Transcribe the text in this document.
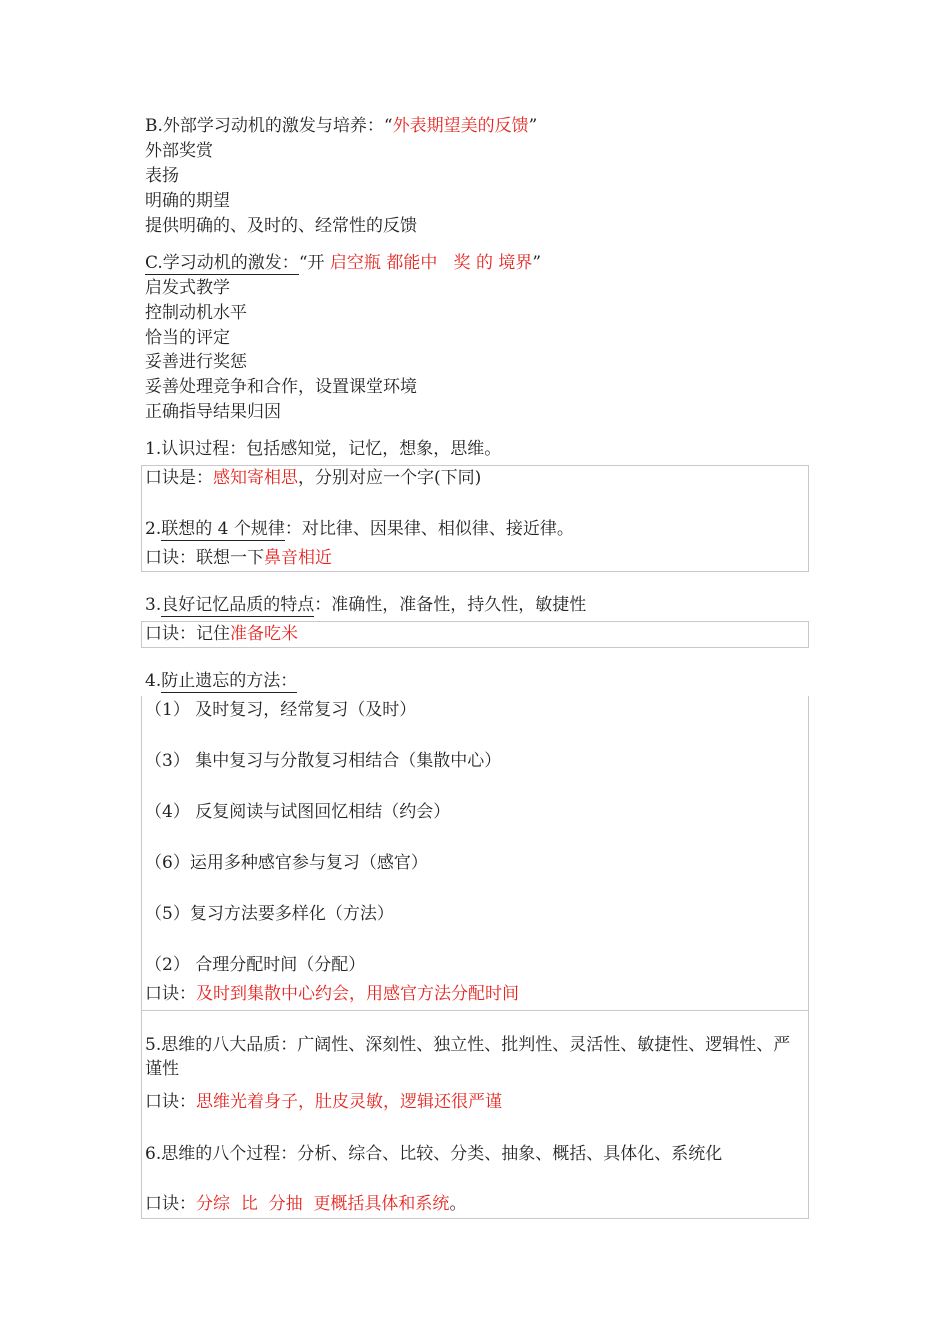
B.外部学习动机的激发与培养：“外表期望美的反馈”
外部奖赏
表扬
明确的期望
提供明确的、及时的、经常性的反馈
C.学习动机的激发：“开 启空瓶 都能中 奖 的 境界”
启发式教学
控制动机水平
恰当的评定
妥善进行奖惩
妥善处理竞争和合作，设置课堂环境
正确指导结果归因
1.认识过程：包括感知觉，记忆，想象，思维。
口诀是：感知寄相思，分别对应一个字(下同)
2.联想的 4 个规律：对比律、因果律、相似律、接近律。
口诀：联想一下鼻音相近
3.良好记忆品质的特点：准确性，准备性，持久性，敏捷性
口诀：记住准备吃米
4.防止遗忘的方法：
（1） 及时复习，经常复习（及时）
（3） 集中复习与分散复习相结合（集散中心）
（4） 反复阅读与试图回忆相结（约会）
（6）运用多种感官参与复习（感官）
（5）复习方法要多样化（方法）
（2） 合理分配时间（分配）
口诀：及时到集散中心约会，用感官方法分配时间
5.思维的八大品质：广阔性、深刻性、独立性、批判性、灵活性、敏捷性、逻辑性、严谨性
口诀：思维光着身子，肚皮灵敏，逻辑还很严谨
6.思维的八个过程：分析、综合、比较、分类、抽象、概括、具体化、系统化
口诀：分综 比 分抽 更概括具体和系统。
